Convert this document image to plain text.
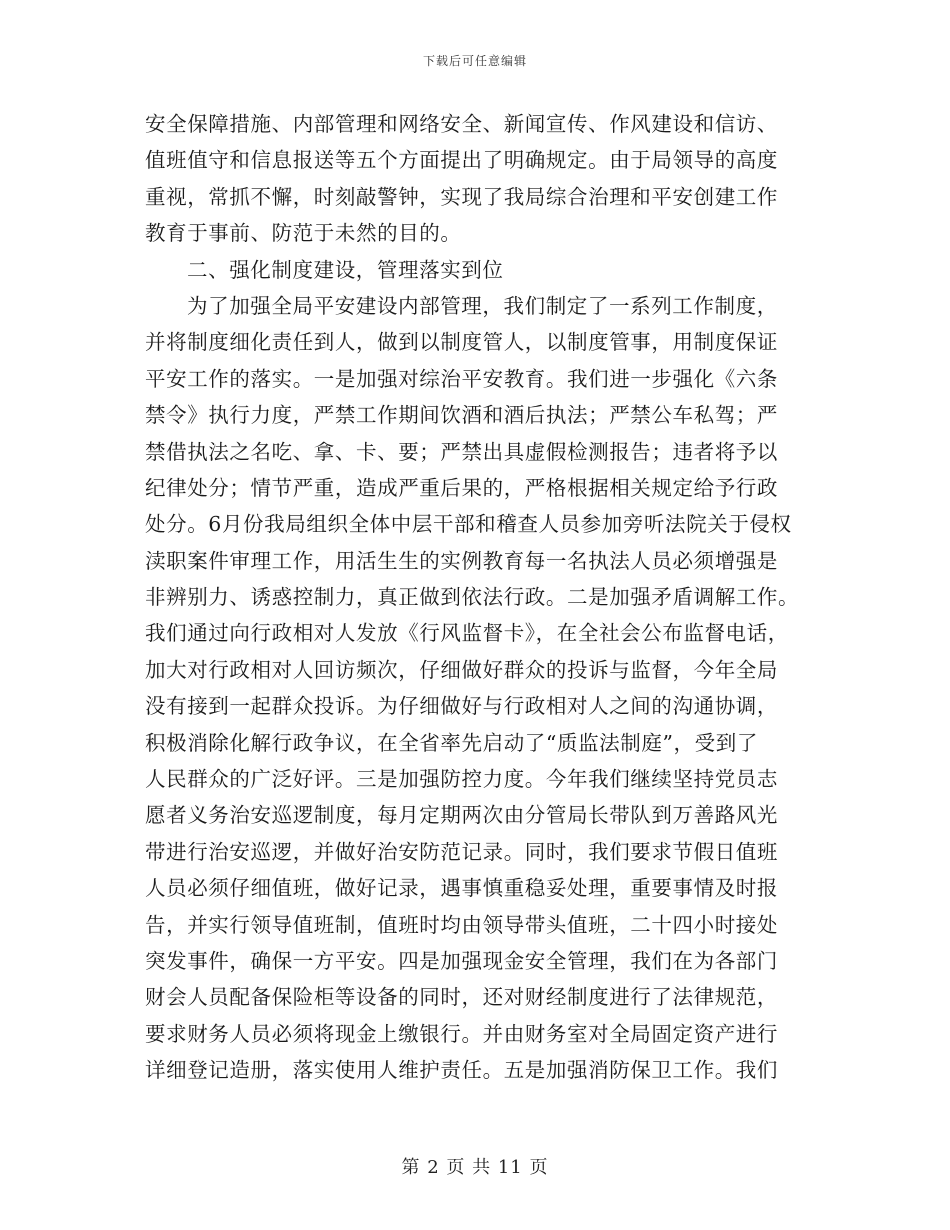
下载后可任意编辑
安全保障措施、内部管理和网络安全、新闻宣传、作风建设和信访、
值班值守和信息报送等五个方面提出了明确规定。由于局领导的高度
重视，常抓不懈，时刻敲警钟，实现了我局综合治理和平安创建工作
教育于事前、防范于未然的目的。
二、强化制度建设，管理落实到位
为了加强全局平安建设内部管理，我们制定了一系列工作制度，
并将制度细化责任到人，做到以制度管人，以制度管事，用制度保证
平安工作的落实。一是加强对综治平安教育。我们进一步强化《六条
禁令》执行力度，严禁工作期间饮酒和酒后执法；严禁公车私驾；严
禁借执法之名吃、拿、卡、要；严禁出具虚假检测报告；违者将予以
纪律处分；情节严重，造成严重后果的，严格根据相关规定给予行政
处分。6月份我局组织全体中层干部和稽查人员参加旁听法院关于侵权
渎职案件审理工作，用活生生的实例教育每一名执法人员必须增强是
非辨别力、诱惑控制力，真正做到依法行政。二是加强矛盾调解工作。
我们通过向行政相对人发放《行风监督卡》，在全社会公布监督电话，
加大对行政相对人回访频次，仔细做好群众的投诉与监督，今年全局
没有接到一起群众投诉。为仔细做好与行政相对人之间的沟通协调，
积极消除化解行政争议，在全省率先启动了“质监法制庭”，受到了
人民群众的广泛好评。三是加强防控力度。今年我们继续坚持党员志
愿者义务治安巡逻制度，每月定期两次由分管局长带队到万善路风光
带进行治安巡逻，并做好治安防范记录。同时，我们要求节假日值班
人员必须仔细值班，做好记录，遇事慎重稳妥处理，重要事情及时报
告，并实行领导值班制，值班时均由领导带头值班，二十四小时接处
突发事件，确保一方平安。四是加强现金安全管理，我们在为各部门
财会人员配备保险柜等设备的同时，还对财经制度进行了法律规范，
要求财务人员必须将现金上缴银行。并由财务室对全局固定资产进行
详细登记造册，落实使用人维护责任。五是加强消防保卫工作。我们
第 2 页 共 11 页
